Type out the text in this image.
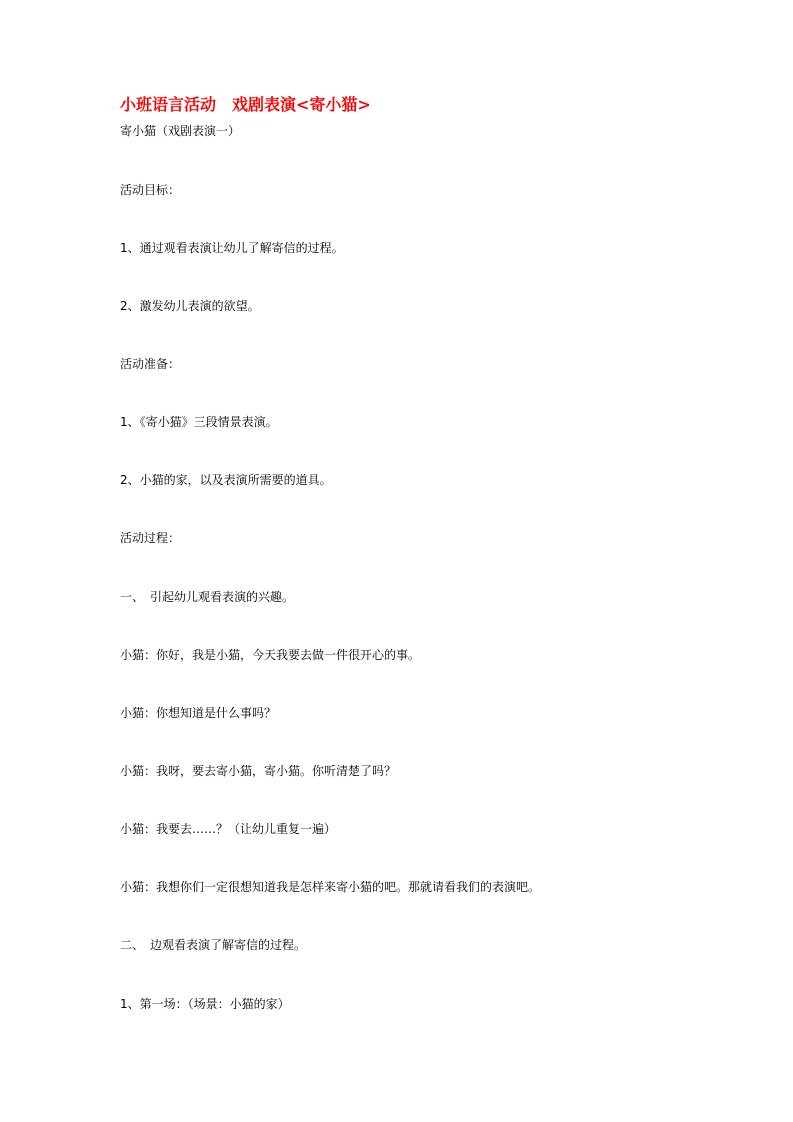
小班语言活动　戏剧表演<寄小猫>

寄小猫（戏剧表演一）

活动目标：

1、通过观看表演让幼儿了解寄信的过程。

2、激发幼儿表演的欲望。

活动准备：

1、《寄小猫》三段情景表演。

2、小猫的家，以及表演所需要的道具。

活动过程：

一、　引起幼儿观看表演的兴趣。

小猫：你好，我是小猫，今天我要去做一件很开心的事。

小猫：你想知道是什么事吗？

小猫：我呀，要去寄小猫，寄小猫。你听清楚了吗？

小猫：我要去……？（让幼儿重复一遍）

小猫：我想你们一定很想知道我是怎样来寄小猫的吧。那就请看我们的表演吧。

二、　边观看表演了解寄信的过程。

1、第一场：（场景：小猫的家）
